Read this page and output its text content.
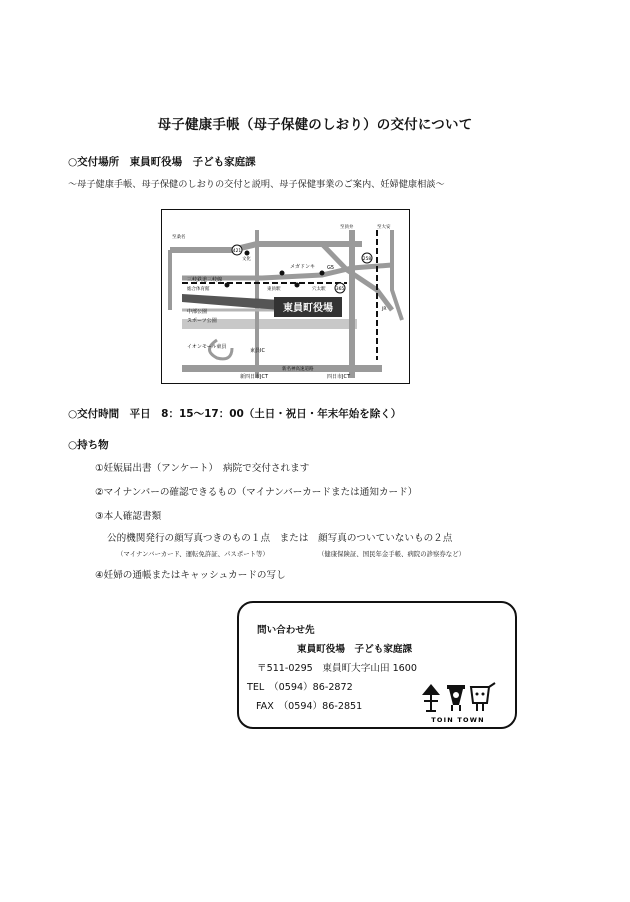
母子健康手帳（母子保健のしおり）の交付について
○交付場所　東員町役場　子ども家庭課
～母子健康手帳、母子保健のしおりの交付と説明、母子保健事業のご案内、妊婦健康相談～
東員町役場
421
365
258
メガドンキ G5
イオンモール東員
スポーツ公園
中部公園
三岐鉄道三岐線
東員IC
新四日市JCT	四日市JCT
新名神高速道路
至桑名
至員弁	至大安
文化
穴太駅
東員駅
総合体育館
JR
○交付時間　平日　8：15～17：00（土日・祝日・年末年始を除く）
○持ち物
①妊娠届出書（アンケート）　病院で交付されます
②マイナンバーの確認できるもの（マイナンバーカードまたは通知カード）
③本人確認書類
公的機関発行の顔写真つきのもの１点　または　顔写真のついていないもの２点
（マイナンバーカード、運転免許証、パスポート等）	（健康保険証、国民年金手帳、病院の診察券など）
④妊婦の通帳またはキャッシュカードの写し
問い合わせ先
東員町役場　子ども家庭課
〒511-0295　東員町大字山田 1600
TEL　（0594）86-2872
FAX　（0594）86-2851
TOIN TOWN
